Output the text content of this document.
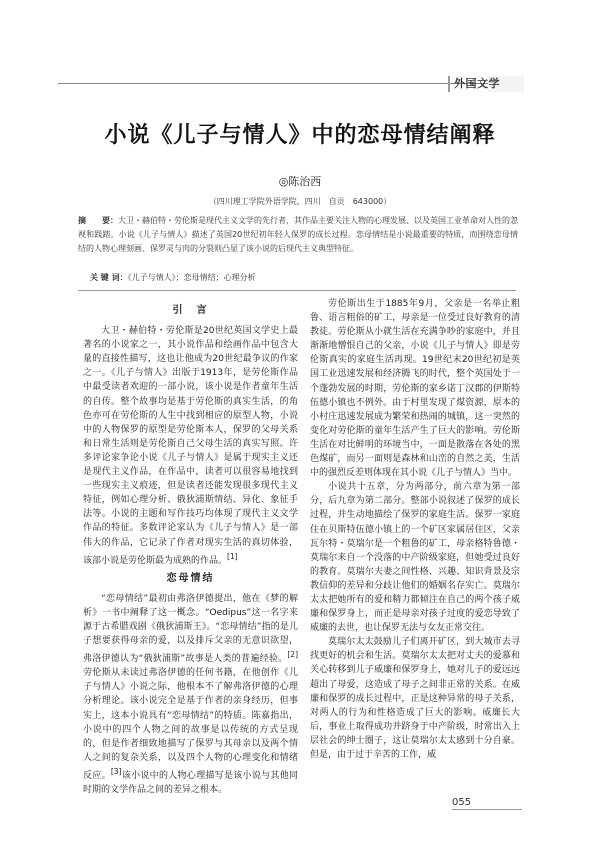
外国文学
小说《儿子与情人》中的恋母情结阐释
◎陈治西
（四川理工学院外语学院，四川　自贡　643000）
摘　　要：大卫・赫伯特・劳伦斯是现代主义文学的先行者，其作品主要关注人物的心理发展、以及英国工业革命对人性的忽视和践踏。小说《儿子与情人》描述了英国20世纪初年轻人保罗的成长过程。恋母情结是小说最重要的特质，而围绕恋母情结的人物心理刻画、保罗灵与肉的分裂则凸显了该小说的后现代主义典型特征。
关 键 词：《儿子与情人》；恋母情结；心理分析
引　言

大卫・赫伯特・劳伦斯是20世纪英国文学史上最著名的小说家之一，其小说作品和绘画作品中包含大量的直接性描写，这也让他成为20世纪最争议的作家之一。《儿子与情人》出版于1913年，是劳伦斯作品中最受读者欢迎的一部小说，该小说是作者童年生活的自传。整个故事均是基于劳伦斯的真实生活，的角色亦可在劳伦斯的人生中找到相应的原型人物，小说中的人物保罗的原型是劳伦斯本人，保罗的父母关系和日常生活则是劳伦斯自己父母生活的真实写照。许多评论家争论小说《儿子与情人》是属于现实主义还是现代主义作品，在作品中，读者可以很容易地找到一些现实主义痕迹，但是读者还能发现很多现代主义特征，例如心理分析、俄狄浦斯情结、异化、象征手法等。小说的主题和写作技巧均体现了现代主义文学作品的特征。多数评论家认为《儿子与情人》是一部伟大的作品，它记录了作者对现实生活的真切体验，该部小说是劳伦斯最为成熟的作品。[1]

恋母情结

“恋母情结”最初由弗洛伊德提出，他在《梦的解析》一书中阐释了这一概念。“Oedipus”这一名字来源于古希腊戏剧《俄狄浦斯王》。“恋母情结”指的是儿子想要获得母亲的爱，以及排斥父亲的无意识欲望，弗洛伊德认为“俄狄浦斯”故事是人类的普遍经验。[2]劳伦斯从未读过弗洛伊德的任何书籍，在他创作《儿子与情人》小说之际，他根本不了解弗洛伊德的心理分析理论。该小说完全是基于作者的亲身经历，但事实上，这本小说具有“恋母情结”的特质。陈嘉指出，小说中的四个人物之间的故事是以传统的方式呈现的，但是作者细致地描写了保罗与其母亲以及两个情人之间的复杂关系，以及四个人物的心理变化和情绪反应。[3]该小说中的人物心理描写是该小说与其他同时期的文学作品之间的差异之根本。

劳伦斯出生于1885年9月，父亲是一名举止粗鲁、语言粗俗的矿工，母亲是一位受过良好教育的清教徒。劳伦斯从小就生活在充满争吵的家庭中，并且渐渐地憎恨自己的父亲，小说《儿子与情人》即是劳伦斯真实的家庭生活再现。19世纪末20世纪初是英国工业迅速发展和经济腾飞的时代，整个英国处于一个蓬勃发展的时期，劳伦斯的家乡诺丁汉郡的伊斯特伍德小镇也不例外。由于村里发现了煤资源，原本的小村庄迅速发展成为繁荣和热闹的城镇，这一突然的变化对劳伦斯的童年生活产生了巨大的影响。劳伦斯生活在对比鲜明的环境当中，一面是散落在各处的黑色煤矿，而另一面则是森林和山峦的自然之美，生活中的强烈反差则体现在其小说《儿子与情人》当中。

小说共十五章，分为两部分，前六章为第一部分，后九章为第二部分。整部小说叙述了保罗的成长过程，并生动地描绘了保罗的家庭生活。保罗一家庭住在贝斯特伍德小镇上的一个矿区家属居住区，父亲瓦尔特・莫瑞尔是一个粗鲁的矿工，母亲格特鲁德・莫瑞尔来自一个没落的中产阶级家庭，但她受过良好的教育。莫瑞尔夫妻之间性格、兴趣、知识背景及宗教信仰的差异和分歧让他们的婚姻名存实亡。莫瑞尔太太把她所有的爱和精力都倾注在自己的两个孩子威廉和保罗身上，而正是母亲对孩子过度的爱恋导致了威廉的去世，也让保罗无法与女友正常交往。

莫瑞尔太太鼓励儿子们离开矿区，到大城市去寻找更好的机会和生活。莫瑞尔太太把对丈夫的爱慕和关心转移到儿子威廉和保罗身上，她对儿子的爱远远超出了母爱，这造成了母子之间非正常的关系。在威廉和保罗的成长过程中，正是这种异常的母子关系，对两人的行为和性格造成了巨大的影响。威廉长大后，事业上取得成功并跻身于中产阶级，时常出入上层社会的绅士圈子，这让莫瑞尔太太感到十分自豪。但是，由于过于辛苦的工作，威

055
